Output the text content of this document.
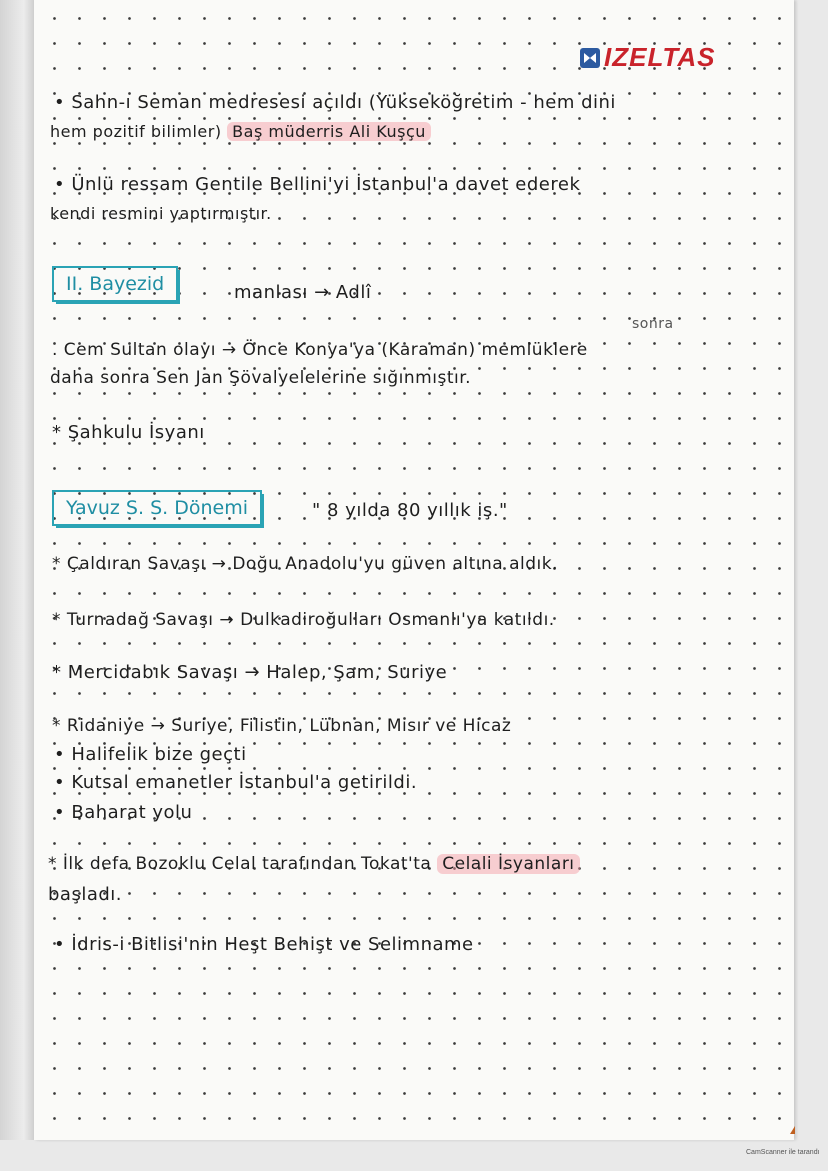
IZELTAS
• Sahn-ı Seman medresesi açıldı (Yükseköğretim - hem dini
hem pozitif bilimler) Baş müderris Ali Kuşçu
• Ünlü ressam Gentile Bellini'yi İstanbul'a davet ederek
kendi resmini yaptırmıştır.
II. Bayezid	manlası → Adlî
sonra
. Cem Sultan olayı → Önce Konya'ya (Karaman) memlüklere
daha sonra Sen Jan Şövalyelelerine sığınmıştır.
* Şahkulu İsyanı
Yavuz S. S. Dönemi	" 8 yılda 80 yıllık iş."
* Çaldıran Savaşı → Doğu Anadolu'yu güven altına aldık.
* Turnadağ Savaşı → Dulkadiroğulları Osmanlı'ya katıldı.
* Mercidabık Savaşı → Halep, Şam, Suriye
* Ridaniye → Suriye, Filistin, Lübnan, Mısır ve Hicaz
• Halifelik bize geçti
• Kutsal emanetler İstanbul'a getirildi.
• Baharat yolu
* İlk defa Bozoklu Celal tarafından Tokat'ta Celali İsyanları
başladı.
• İdris-i Bitlisi'nin Heşt Behişt ve Selimname
CamScanner ile tarandı
